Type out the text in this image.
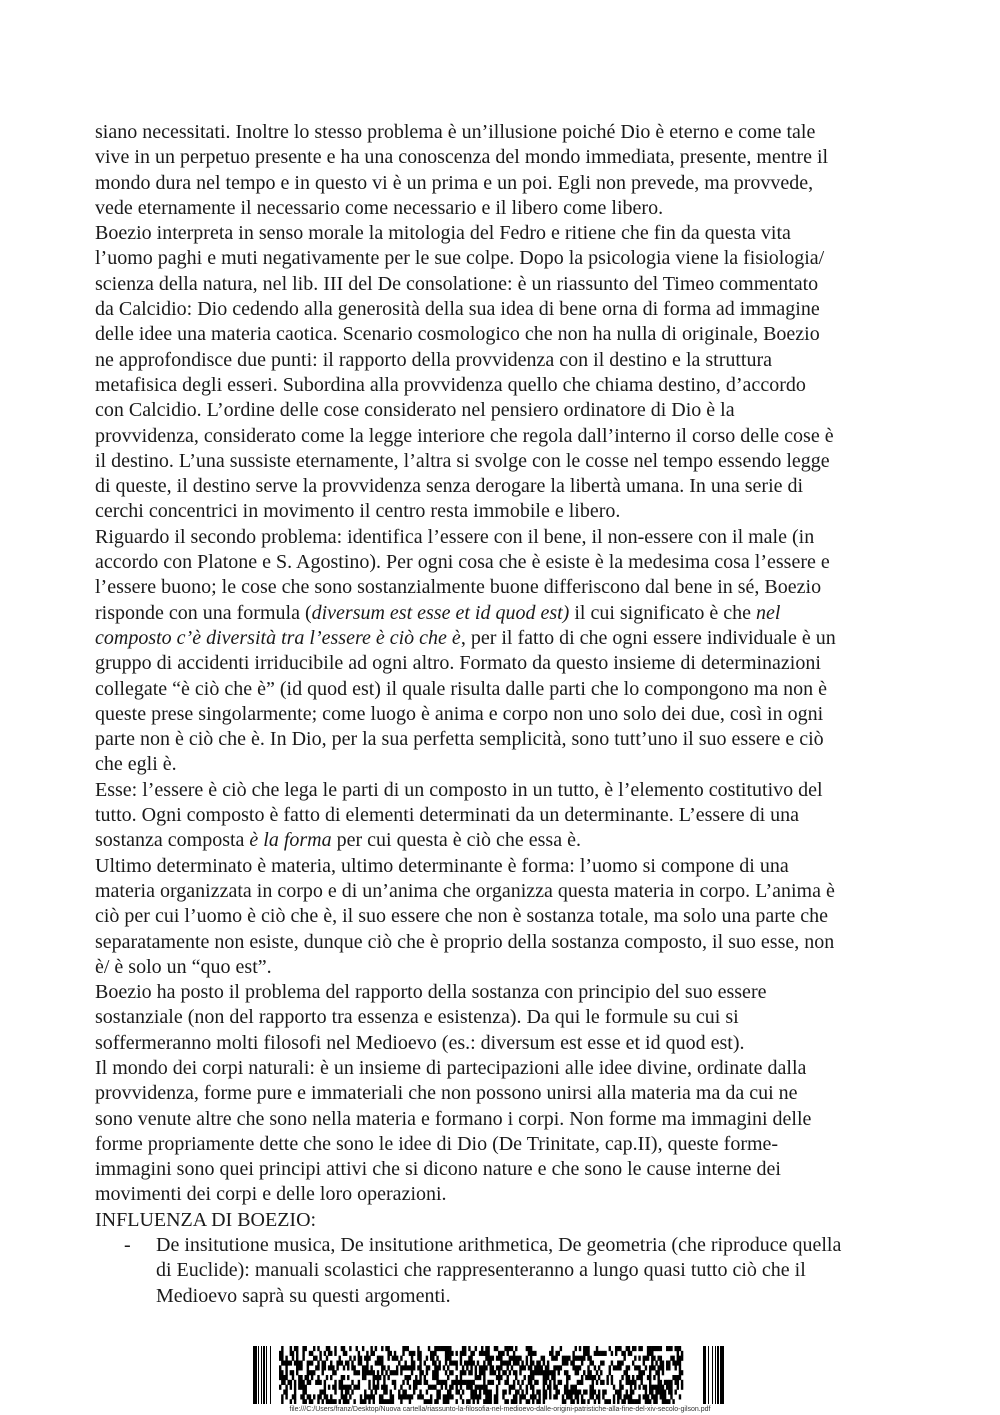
siano necessitati. Inoltre lo stesso problema è un’illusione poiché Dio è eterno e come tale
vive in un perpetuo presente e ha una conoscenza del mondo immediata, presente, mentre il
mondo dura nel tempo e in questo vi è un prima e un poi. Egli non prevede, ma provvede,
vede eternamente il necessario come necessario e il libero come libero.

Boezio interpreta in senso morale la mitologia del Fedro e ritiene che fin da questa vita
l’uomo paghi e muti negativamente per le sue colpe. Dopo la psicologia viene la fisiologia/
scienza della natura, nel lib. III del De consolatione: è un riassunto del Timeo commentato
da Calcidio: Dio cedendo alla generosità della sua idea di bene orna di forma ad immagine
delle idee una materia caotica. Scenario cosmologico che non ha nulla di originale, Boezio
ne approfondisce due punti: il rapporto della provvidenza con il destino e la struttura
metafisica degli esseri. Subordina alla provvidenza quello che chiama destino, d’accordo
con Calcidio. L’ordine delle cose considerato nel pensiero ordinatore di Dio è la
provvidenza, considerato come la legge interiore che regola dall’interno il corso delle cose è
il destino. L’una sussiste eternamente, l’altra si svolge con le cosse nel tempo essendo legge
di queste, il destino serve la provvidenza senza derogare la libertà umana. In una serie di
cerchi concentrici in movimento il centro resta immobile e libero.

Riguardo il secondo problema: identifica l’essere con il bene, il non-essere con il male (in
accordo con Platone e S. Agostino). Per ogni cosa che è esiste è la medesima cosa l’essere e
l’essere buono; le cose che sono sostanzialmente buone differiscono dal bene in sé, Boezio
risponde con una formula (diversum est esse et id quod est) il cui significato è che nel
composto c’è diversità tra l’essere è ciò che è, per il fatto di che ogni essere individuale è un
gruppo di accidenti irriducibile ad ogni altro. Formato da questo insieme di determinazioni
collegate “è ciò che è” (id quod est) il quale risulta dalle parti che lo compongono ma non è
queste prese singolarmente; come luogo è anima e corpo non uno solo dei due, così in ogni
parte non è ciò che è. In Dio, per la sua perfetta semplicità, sono tutt’uno il suo essere e ciò
che egli è.

Esse: l’essere è ciò che lega le parti di un composto in un tutto, è l’elemento costitutivo del
tutto. Ogni composto è fatto di elementi determinati da un determinante. L’essere di una
sostanza composta è la forma per cui questa è ciò che essa è.

Ultimo determinato è materia, ultimo determinante è forma: l’uomo si compone di una
materia organizzata in corpo e di un’anima che organizza questa materia in corpo. L’anima è
ciò per cui l’uomo è ciò che è, il suo essere che non è sostanza totale, ma solo una parte che
separatamente non esiste, dunque ciò che è proprio della sostanza composto, il suo esse, non
è/ è solo un “quo est”.

Boezio ha posto il problema del rapporto della sostanza con principio del suo essere
sostanziale (non del rapporto tra essenza e esistenza). Da qui le formule su cui si
soffermeranno molti filosofi nel Medioevo (es.: diversum est esse et id quod est).

Il mondo dei corpi naturali: è un insieme di partecipazioni alle idee divine, ordinate dalla
provvidenza, forme pure e immateriali che non possono unirsi alla materia ma da cui ne
sono venute altre che sono nella materia e formano i corpi. Non forme ma immagini delle
forme propriamente dette che sono le idee di Dio (De Trinitate, cap.II), queste forme-
immagini sono quei principi attivi che si dicono nature e che sono le cause interne dei
movimenti dei corpi e delle loro operazioni.

INFLUENZA DI BOEZIO:

- De insitutione musica, De insitutione arithmetica, De geometria (che riproduce quella
di Euclide): manuali scolastici che rappresenteranno a lungo quasi tutto ciò che il
Medioevo saprà su questi argomenti.

file:///C:/Users/franz/Desktop/Nuova cartella/riassunto-la-filosofia-nel-medioevo-dalle-origini-patristiche-alla-fine-del-xiv-secolo-gilson.pdf
